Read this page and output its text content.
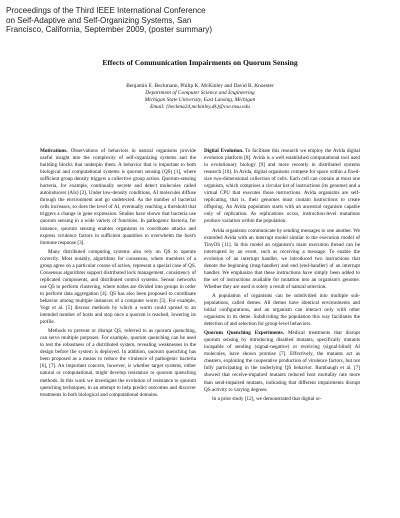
Proceedings of the Third IEEE International Conference
on Self-Adaptive and Self-Organizing Systems, San
Francisco, California, September 2009, (poster summary)
Effects of Communication Impairments on Quorum Sensing
Benjamin E. Beckmann, Philip K. McKinley and David B. Knoester
Department of Computer Science and Engineering
Michigan State University, East Lansing, Michigan
Email: {beckma24,mckinley,dk}@cse.msu.edu

Motivations. Observations of behaviors in natural organisms provide useful insight into the complexity of self-organizing systems and the building blocks that underpin them. A behavior that is important to both biological and computational systems is quorum sensing (QS) [1], where sufficient group density triggers a collective group action. Quorum-sensing bacteria, for example, continually secrete and detect molecules called autoinducers (AIs) [2]. Under low-density conditions, AI molecules diffuse through the environment and go undetected. As the number of bacterial cells increases, so does the level of AI, eventually reaching a threshold that triggers a change in gene expression. Studies have shown that bacteria use quorum sensing in a wide variety of functions. In pathogenic bacteria, for instance, quorum sensing enables organisms to coordinate attacks and express virulence factors in sufficient quantities to overwhelm the host's immune response [3].

Many distributed computing systems also rely on QS to operate correctly. Most notably, algorithms for consensus, where members of a group agree on a particular course of action, represent a special case of QS. Consensus algorithms support distributed lock management, consistency of replicated components, and distributed control systems. Sensor networks use QS to perform clustering, where nodes are divided into groups in order to perform data aggregation [4]. QS has also been proposed to coordinate behavior among multiple instances of a computer worm [5]. For example, Vogt et al. [5] discuss methods by which a worm could spread to an intended number of hosts and stop once a quorum is reached, lowering its profile.

Methods to prevent or disrupt QS, referred to as quorum quenching, can serve multiple purposes. For example, quorum quenching can be used to test the robustness of a distributed system, revealing weaknesses in the design before the system is deployed. In addition, quorum quenching has been proposed as a means to reduce the virulence of pathogenic bacteria [6], [7]. An important concern, however, is whether target systems, either natural or computational, might develop resistance to quorum quenching methods. In this work we investigate the evolution of resistance to quorum quenching techniques, in an attempt to help predict outcomes and discover treatments in both biological and computational domains.

Digital Evolution. To facilitate this research we employ the Avida digital evolution platform [8]. Avida is a well established computational tool used in evolutionary biology [9] and more recently in distributed systems research [10]. In Avida, digital organisms compete for space within a fixed-size two-dimensional collection of cells. Each cell can contain at most one organism, which comprises a circular list of instructions (its genome) and a virtual CPU that executes those instructions. Avida organisms are self-replicating, that is, their genomes must contain instructions to create offspring. An Avida population starts with an ancestral organism capable only of replication. As replications occur, instruction-level mutations produce variation within the population.

Avida organisms communicate by sending messages to one another. We extended Avida with an interrupt model similar to the execution model of TinyOS [11]. In this model an organism's main execution thread can be interrupted by an event, such as receiving a message. To enable the evolution of an interrupt handler, we introduced two instructions that denote the beginning (msg-handler) and end (end-handler) of an interrupt handler. We emphasize that these instructions have simply been added to the set of instructions available for mutation into an organism's genome. Whether they are used is solely a result of natural selection.

A population of organisms can be subdivided into multiple sub-populations, called demes. All demes have identical environments and initial configurations, and an organism can interact only with other organisms in its deme. Subdividing the population this way facilitates the detection of and selection for group-level behaviors.

Quorum Quenching Experiments. Medical treatments that disrupt quorum sensing by introducing disabled mutants, specifically mutants incapable of sending (signal-negative) or receiving (signal-blind) AI molecules, have shown promise [7]. Effectively, the mutants act as cheaters, exploiting the cooperative production of virulence factors, but not fully participating in the underlying QS behavior. Rumbaugh et al. [7] showed that receive-impaired mutants reduced host mortality rate more than send-impaired mutants, indicating that different impairments disrupt QS activity to varying degrees.

In a prior study [12], we demonstrated that digital or-
